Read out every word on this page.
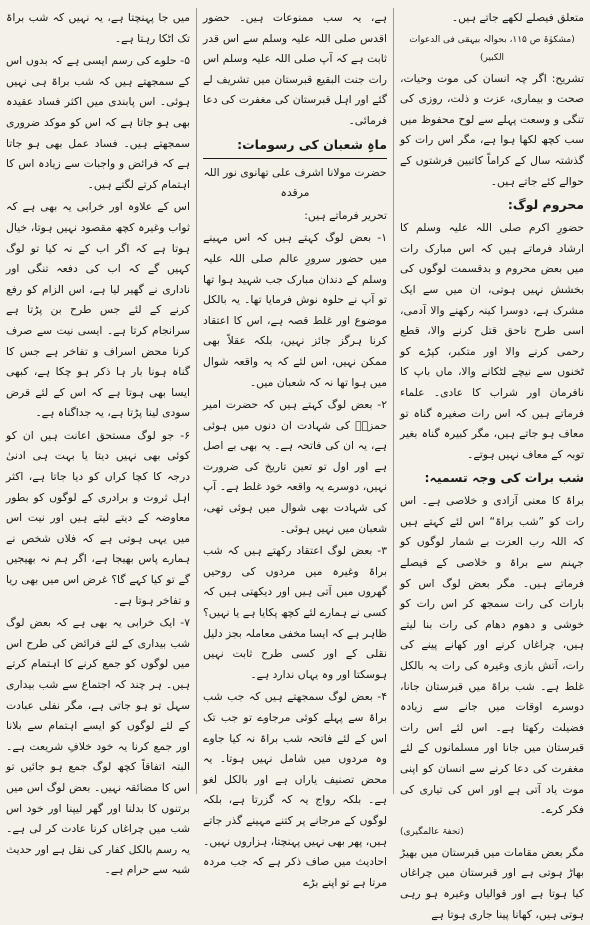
متعلق فیصلے لکھے جاتے ہیں۔

(مشکوٰۃ ص ۱۱۵، بحوالہ بیہقی فی الدعوات الکبیر)

تشریح: اگر چہ انسان کی موت وحیات، صحت و بیماری، عزت و ذلت، روزی کی تنگی و وسعت پہلے سے لوح محفوظ میں سب کچھ لکھا ہوا ہے، مگر اس رات کو گذشتہ سال کے کراماً کاتبین فرشتوں کے حوالے کئے جاتے ہیں۔

محروم لوگ:

حضورِ اکرم صلی اللہ علیہ وسلم کا ارشاد فرماتے ہیں کہ اس مبارک رات میں بعض محروم و بدقسمت لوگوں کی بخشش نہیں ہوتی، ان میں سے ایک مشرک ہے، دوسرا کینہ رکھنے والا آدمی، اسی طرح ناحق قتل کرنے والا، قطع رحمی کرنے والا اور متکبر، کپڑے کو ٹخنوں سے نیچے لٹکانے والا، ماں باپ کا نافرمان اور شراب کا عادی۔ علماء فرماتے ہیں کہ اس رات صغیرہ گناہ تو معاف ہو جاتے ہیں، مگر کبیرہ گناہ بغیر توبہ کے معاف نہیں ہوتے۔

شب برات کی وجہ تسمیہ:

براۃ کا معنی آزادی و خلاصی ہے۔ اس رات کو ”شب براۃ“ اس لئے کہتے ہیں کہ اللہ رب العزت بے شمار لوگوں کو جہنم سے براۃ و خلاصی کے فیصلے فرماتے ہیں۔ مگر بعض لوگ اس کو بارات کی رات سمجھ کر اس رات کو خوشی و دھوم دھام کی رات بنا لیتے ہیں، چراغاں کرنے اور کھانے پینے کی رات، آتش بازی وغیرہ کی رات یہ بالکل غلط ہے۔ شب براۃ میں قبرستان جانا، دوسرے اوقات میں جانے سے زیادہ فضیلت رکھتا ہے۔ اس لئے اس رات قبرستان میں جانا اور مسلمانوں کے لئے مغفرت کی دعا کرنے سے انسان کو اپنی موت یاد آتی ہے اور اس کی تیاری کی فکر کرے۔

(تحفۃ عالمگیری)

مگر بعض مقامات میں قبرستان میں بھیڑ بھاڑ ہوتی ہے اور قبرستان میں چراغاں کیا ہوتا ہے اور قوالیاں وغیرہ ہو رہی ہوتی ہیں، کھانا پینا جاری ہوتا ہے

ہے، یہ سب ممنوعات ہیں۔ حضور اقدس صلی اللہ علیہ وسلم سے اس قدر ثابت ہے کہ آپ صلی اللہ علیہ وسلم اس رات جنت البقیع قبرستان میں تشریف لے گئے اور اہل قبرستان کی مغفرت کی دعا فرمائی۔

ماہِ شعبان کی رسومات:

حضرت مولانا اشرف علی تھانوی نور اللہ مرقدہ

تحریر فرماتے ہیں:

۱- بعض لوگ کہتے ہیں کہ اس مہینے میں حضور سرورِ عالم صلی اللہ علیہ وسلم کے دندان مبارک جب شہید ہوا تھا تو آپ نے حلوہ نوش فرمایا تھا۔ یہ بالکل موضوع اور غلط قصہ ہے، اس کا اعتقاد کرنا ہرگز جائز نہیں، بلکہ عقلاً بھی ممکن نہیں، اس لئے کہ یہ واقعہ شوال میں ہوا تھا نہ کہ شعبان میں۔

۲- بعض لوگ کہتے ہیں کہ حضرت امیر حمزہؓ کی شہادت ان دنوں میں ہوئی ہے، یہ ان کی فاتحہ ہے۔ یہ بھی بے اصل ہے اور اول تو تعین تاریخ کی ضرورت نہیں، دوسرے یہ واقعہ خود غلط ہے۔ آپ کی شہادت بھی شوال میں ہوئی تھی، شعبان میں نہیں ہوئی۔

۳- بعض لوگ اعتقاد رکھتے ہیں کہ شب براۃ وغیرہ میں مردوں کی روحیں گھروں میں آتی ہیں اور دیکھتی ہیں کہ کسی نے ہمارے لئے کچھ پکایا ہے یا نہیں؟ ظاہر ہے کہ ایسا مخفی معاملہ بجز دلیل نقلی کے اور کسی طرح ثابت نہیں ہوسکتا اور وہ یہاں ندارد ہے۔

۴- بعض لوگ سمجھتے ہیں کہ جب شب براۃ سے پہلے کوئی مرجاوے تو جب تک اس کے لئے فاتحہ شب براۃ نہ کیا جاوے وہ مردوں میں شامل نہیں ہوتا۔ یہ محض تصنیف یاراں ہے اور بالکل لغو ہے۔ بلکہ رواج یہ کہ گزرتا ہے، بلکہ لوگوں کے مرجانے پر کتنے مہینے گذر جاتے ہیں، پھر بھی نہیں پہنچتا، ہزاروں نہیں۔ احادیث میں صاف ذکر ہے کہ جب مردہ مرتا ہے تو اپنے بڑے

میں جا پہنچتا ہے، یہ نہیں کہ شب براۃ تک اٹکا رہتا ہے۔

۵- حلوے کی رسم ایسی ہے کہ بدوں اس کے سمجھتے ہیں کہ شب براۃ ہی نہیں ہوئی۔ اس پابندی میں اکثر فساد عقیدہ بھی ہو جاتا ہے کہ اس کو موکد ضروری سمجھتے ہیں۔ فساد عمل بھی ہو جاتا ہے کہ فرائض و واجبات سے زیادہ اس کا اہتمام کرتے لگتے ہیں۔

اس کے علاوہ اور خرابی یہ بھی ہے کہ ثواب وغیرہ کچھ مقصود نہیں ہوتا، خیال ہوتا ہے کہ اگر اب کے نہ کیا تو لوگ کہیں گے کہ اب کی دفعہ تنگی اور ناداری نے گھیر لیا ہے، اس الزام کو رفع کرنے کے لئے جس طرح بن پڑتا ہے سرانجام کرتا ہے۔ ایسی نیت سے صرف کرنا محض اسراف و تفاخر ہے جس کا گناہ ہونا بار ہا ذکر ہو چکا ہے، کبھی ایسا بھی ہوتا ہے کہ اس کے لئے قرض سودی لینا پڑتا ہے، یہ جداگناہ ہے۔

۶- جو لوگ مستحق اعانت ہیں ان کو کوئی بھی نہیں دیتا یا بہت ہی ادنیٰ درجہ کا کچا کراں کو دیا جاتا ہے، اکثر اہل ثروت و برادری کے لوگوں کو بطور معاوضہ کے دیتے لیتے ہیں اور نیت اس میں یہی ہوتی ہے کہ فلاں شخص نے ہمارے پاس بھیجا ہے، اگر ہم نہ بھیجیں گے تو کیا کہے گا؟ غرض اس میں بھی ریا و تفاخر ہوتا ہے۔

۷- ایک خرابی یہ بھی ہے کہ بعض لوگ شب بیداری کے لئے فرائض کی طرح اس میں لوگوں کو جمع کرنے کا اہتمام کرتے ہیں۔ ہر چند کہ اجتماع سے شب بیداری سہل تو ہو جاتی ہے، مگر نفلی عبادت کے لئے لوگوں کو ایسے اہتمام سے بلانا اور جمع کرنا یہ خود خلافِ شریعت ہے۔ البتہ اتفاقاً کچھ لوگ جمع ہو جائیں تو اس کا مضائقہ نہیں۔ بعض لوگ اس میں برتنوں کا بدلنا اور گھر لیپنا اور خود اس شب میں چراغاں کرنا عادت کر لی ہے۔ یہ رسم بالکل کفار کی نقل ہے اور حدیث شبہ سے حرام ہے۔
